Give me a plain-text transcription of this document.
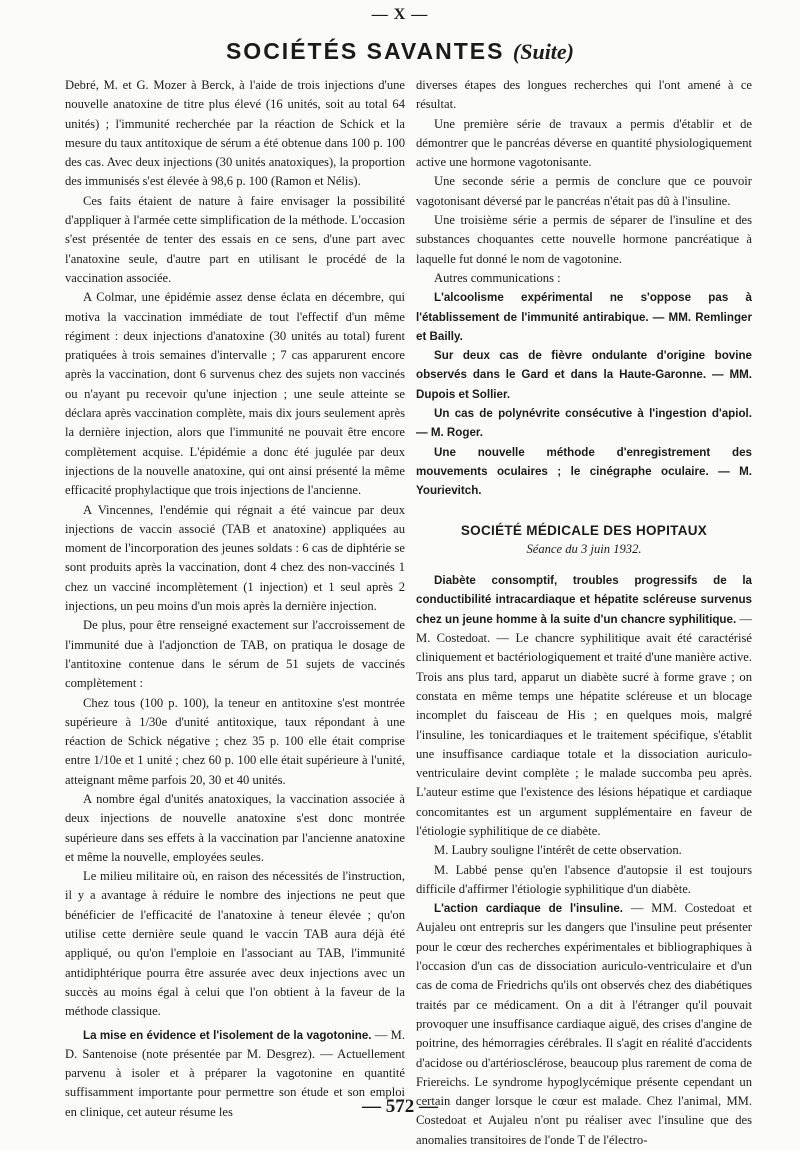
— X —
SOCIÉTÉS SAVANTES (Suite)

Debré, M. et G. Mozer à Berck, à l'aide de trois injections d'une nouvelle anatoxine de titre plus élevé (16 unités, soit au total 64 unités) ; l'immunité recherchée par la réaction de Schick et la mesure du taux antitoxique de sérum a été obtenue dans 100 p. 100 des cas. Avec deux injections (30 unités anatoxiques), la proportion des immunisés s'est élevée à 98,6 p. 100 (Ramon et Nélis).

Ces faits étaient de nature à faire envisager la possibilité d'appliquer à l'armée cette simplification de la méthode. L'occasion s'est présentée de tenter des essais en ce sens, d'une part avec l'anatoxine seule, d'autre part en utilisant le procédé de la vaccination associée.

A Colmar, une épidémie assez dense éclata en décembre, qui motiva la vaccination immédiate de tout l'effectif d'un même régiment : deux injections d'anatoxine (30 unités au total) furent pratiquées à trois semaines d'intervalle ; 7 cas apparurent encore après la vaccination, dont 6 survenus chez des sujets non vaccinés ou n'ayant pu recevoir qu'une injection ; une seule atteinte se déclara après vaccination complète, mais dix jours seulement après la dernière injection, alors que l'immunité ne pouvait être encore complètement acquise. L'épidémie a donc été jugulée par deux injections de la nouvelle anatoxine, qui ont ainsi présenté la même efficacité prophylactique que trois injections de l'ancienne.

A Vincennes, l'endémie qui régnait a été vaincue par deux injections de vaccin associé (TAB et anatoxine) appliquées au moment de l'incorporation des jeunes soldats : 6 cas de diphtérie se sont produits après la vaccination, dont 4 chez des non-vaccinés 1 chez un vacciné incomplètement (1 injection) et 1 seul après 2 injections, un peu moins d'un mois après la dernière injection.

De plus, pour être renseigné exactement sur l'accroissement de l'immunité due à l'adjonction de TAB, on pratiqua le dosage de l'antitoxine contenue dans le sérum de 51 sujets de vaccinés complètement :

Chez tous (100 p. 100), la teneur en antitoxine s'est montrée supérieure à 1/30e d'unité antitoxique, taux répondant à une réaction de Schick négative ; chez 35 p. 100 elle était comprise entre 1/10e et 1 unité ; chez 60 p. 100 elle était supérieure à l'unité, atteignant même parfois 20, 30 et 40 unités.

A nombre égal d'unités anatoxiques, la vaccination associée à deux injections de nouvelle anatoxine s'est donc montrée supérieure dans ses effets à la vaccination par l'ancienne anatoxine et même la nouvelle, employées seules.

Le milieu militaire où, en raison des nécessités de l'instruction, il y a avantage à réduire le nombre des injections ne peut que bénéficier de l'efficacité de l'anatoxine à teneur élevée ; qu'on utilise cette dernière seule quand le vaccin TAB aura déjà été appliqué, ou qu'on l'emploie en l'associant au TAB, l'immunité antidiphtérique pourra être assurée avec deux injections avec un succès au moins égal à celui que l'on obtient à la faveur de la méthode classique.

La mise en évidence et l'isolement de la vagotonine. — M. D. Santenoise (note présentée par M. Desgrez). — Actuellement parvenu à isoler et à préparer la vagotonine en quantité suffisamment importante pour permettre son étude et son emploi en clinique, cet auteur résume les

diverses étapes des longues recherches qui l'ont amené à ce résultat.

Une première série de travaux a permis d'établir et de démontrer que le pancréas déverse en quantité physiologiquement active une hormone vagotonisante.

Une seconde série a permis de conclure que ce pouvoir vagotonisant déversé par le pancréas n'était pas dû à l'insuline.

Une troisième série a permis de séparer de l'insuline et des substances choquantes cette nouvelle hormone pancréatique à laquelle fut donné le nom de vagotonine.

Autres communications :

L'alcoolisme expérimental ne s'oppose pas à l'établissement de l'immunité antirabique. — MM. Remlinger et Bailly.

Sur deux cas de fièvre ondulante d'origine bovine observés dans le Gard et dans la Haute-Garonne. — MM. Dupois et Sollier.

Un cas de polynévrite consécutive à l'ingestion d'apiol. — M. Roger.

Une nouvelle méthode d'enregistrement des mouvements oculaires ; le cinégraphe oculaire. — M. Yourievitch.

SOCIÉTÉ MÉDICALE DES HOPITAUX
Séance du 3 juin 1932.

Diabète consomptif, troubles progressifs de la conductibilité intracardiaque et hépatite scléreuse survenus chez un jeune homme à la suite d'un chancre syphilitique. — M. Costedoat. — Le chancre syphilitique avait été caractérisé cliniquement et bactériologiquement et traité d'une manière active. Trois ans plus tard, apparut un diabète sucré à forme grave ; on constata en même temps une hépatite scléreuse et un blocage incomplet du faisceau de His ; en quelques mois, malgré l'insuline, les tonicardiaques et le traitement spécifique, s'établit une insuffisance cardiaque totale et la dissociation auriculo-ventriculaire devint complète ; le malade succomba peu après. L'auteur estime que l'existence des lésions hépatique et cardiaque concomitantes est un argument supplémentaire en faveur de l'étiologie syphilitique de ce diabète.

M. Laubry souligne l'intérêt de cette observation.

M. Labbé pense qu'en l'absence d'autopsie il est toujours difficile d'affirmer l'étiologie syphilitique d'un diabète.

L'action cardiaque de l'insuline. — MM. Costedoat et Aujaleu ont entrepris sur les dangers que l'insuline peut présenter pour le cœur des recherches expérimentales et bibliographiques à l'occasion d'un cas de dissociation auriculo-ventriculaire et d'un cas de coma de Friedrichs qu'ils ont observés chez des diabétiques traités par ce médicament. On a dit à l'étranger qu'il pouvait provoquer une insuffisance cardiaque aiguë, des crises d'angine de poitrine, des hémorragies cérébrales. Il s'agit en réalité d'accidents d'acidose ou d'artériosclérose, beaucoup plus rarement de coma de Friereichs. Le syndrome hypoglycémique présente cependant un certain danger lorsque le cœur est malade. Chez l'animal, MM. Costedoat et Aujaleu n'ont pu réaliser avec l'insuline que des anomalies transitoires de l'onde T de l'électro-

— 572 —
